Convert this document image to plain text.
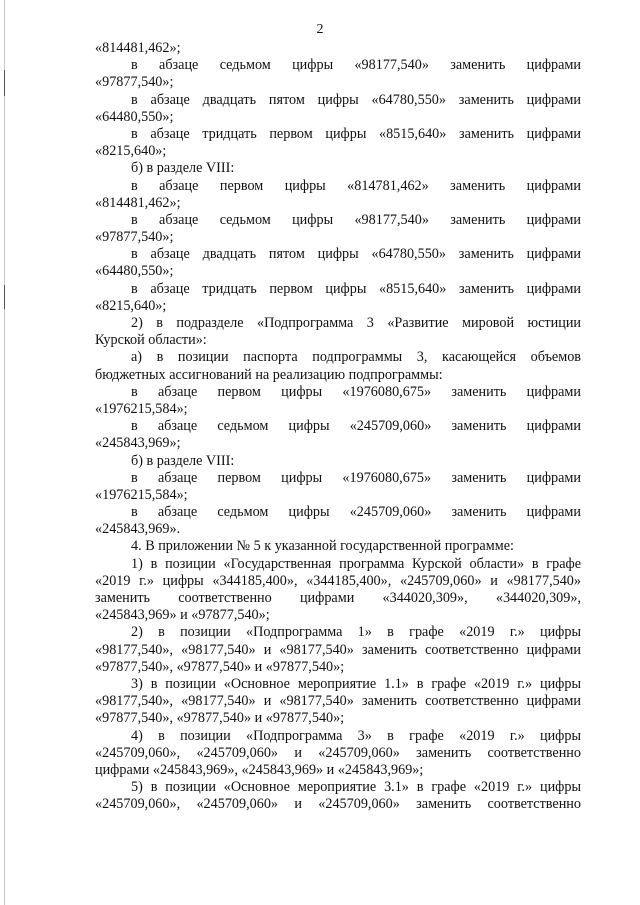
2
«814481,462»;
в абзаце седьмом цифры «98177,540» заменить цифрами
«97877,540»;
в абзаце двадцать пятом цифры «64780,550» заменить цифрами
«64480,550»;
в абзаце тридцать первом цифры «8515,640» заменить цифрами
«8215,640»;
б) в разделе VIII:
в абзаце первом цифры «814781,462» заменить цифрами
«814481,462»;
в абзаце седьмом цифры «98177,540» заменить цифрами
«97877,540»;
в абзаце двадцать пятом цифры «64780,550» заменить цифрами
«64480,550»;
в абзаце тридцать первом цифры «8515,640» заменить цифрами
«8215,640»;
2) в подразделе «Подпрограмма 3 «Развитие мировой юстиции
Курской области»:
а) в позиции паспорта подпрограммы 3, касающейся объемов
бюджетных ассигнований на реализацию подпрограммы:
в абзаце первом цифры «1976080,675» заменить цифрами
«1976215,584»;
в абзаце седьмом цифры «245709,060» заменить цифрами
«245843,969»;
б) в разделе VIII:
в абзаце первом цифры «1976080,675» заменить цифрами
«1976215,584»;
в абзаце седьмом цифры «245709,060» заменить цифрами
«245843,969».
4. В приложении № 5 к указанной государственной программе:
1) в позиции «Государственная программа Курской области» в графе
«2019 г.» цифры «344185,400», «344185,400», «245709,060» и «98177,540»
заменить соответственно цифрами «344020,309», «344020,309»,
«245843,969» и «97877,540»;
2) в позиции «Подпрограмма 1» в графе «2019 г.» цифры
«98177,540», «98177,540» и «98177,540» заменить соответственно цифрами
«97877,540», «97877,540» и «97877,540»;
3) в позиции «Основное мероприятие 1.1» в графе «2019 г.» цифры
«98177,540», «98177,540» и «98177,540» заменить соответственно цифрами
«97877,540», «97877,540» и «97877,540»;
4) в позиции «Подпрограмма 3» в графе «2019 г.» цифры
«245709,060», «245709,060» и «245709,060» заменить соответственно
цифрами «245843,969», «245843,969» и «245843,969»;
5) в позиции «Основное мероприятие 3.1» в графе «2019 г.» цифры
«245709,060», «245709,060» и «245709,060» заменить соответственно
